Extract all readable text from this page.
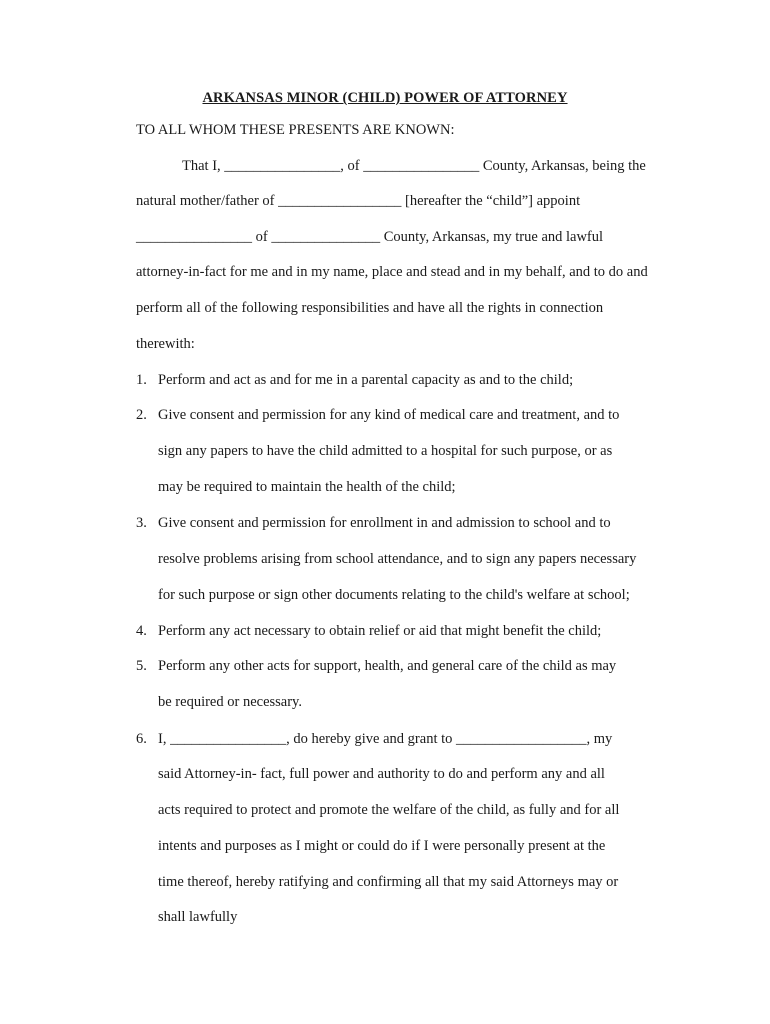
ARKANSAS MINOR (CHILD) POWER OF ATTORNEY
TO ALL WHOM THESE PRESENTS ARE KNOWN:
That I, ________________, of ________________ County, Arkansas, being the
natural mother/father of _________________ [hereafter the “child”] appoint
________________ of _______________ County, Arkansas, my true and lawful
attorney-in-fact for me and in my name, place and stead and in my behalf, and to do and
perform all of the following responsibilities and have all the rights in connection
therewith:
1. Perform and act as and for me in a parental capacity as and to the child;
2. Give consent and permission for any kind of medical care and treatment, and to
sign any papers to have the child admitted to a hospital for such purpose, or as
may be required to maintain the health of the child;
3. Give consent and permission for enrollment in and admission to school and to
resolve problems arising from school attendance, and to sign any papers necessary
for such purpose or sign other documents relating to the child's welfare at school;
4. Perform any act necessary to obtain relief or aid that might benefit the child;
5. Perform any other acts for support, health, and general care of the child as may
be required or necessary.
6. I, ________________, do hereby give and grant to __________________, my
said Attorney-in- fact, full power and authority to do and perform any and all
acts required to protect and promote the welfare of the child, as fully and for all
intents and purposes as I might or could do if I were personally present at the
time thereof, hereby ratifying and confirming all that my said Attorneys may or
shall lawfully
